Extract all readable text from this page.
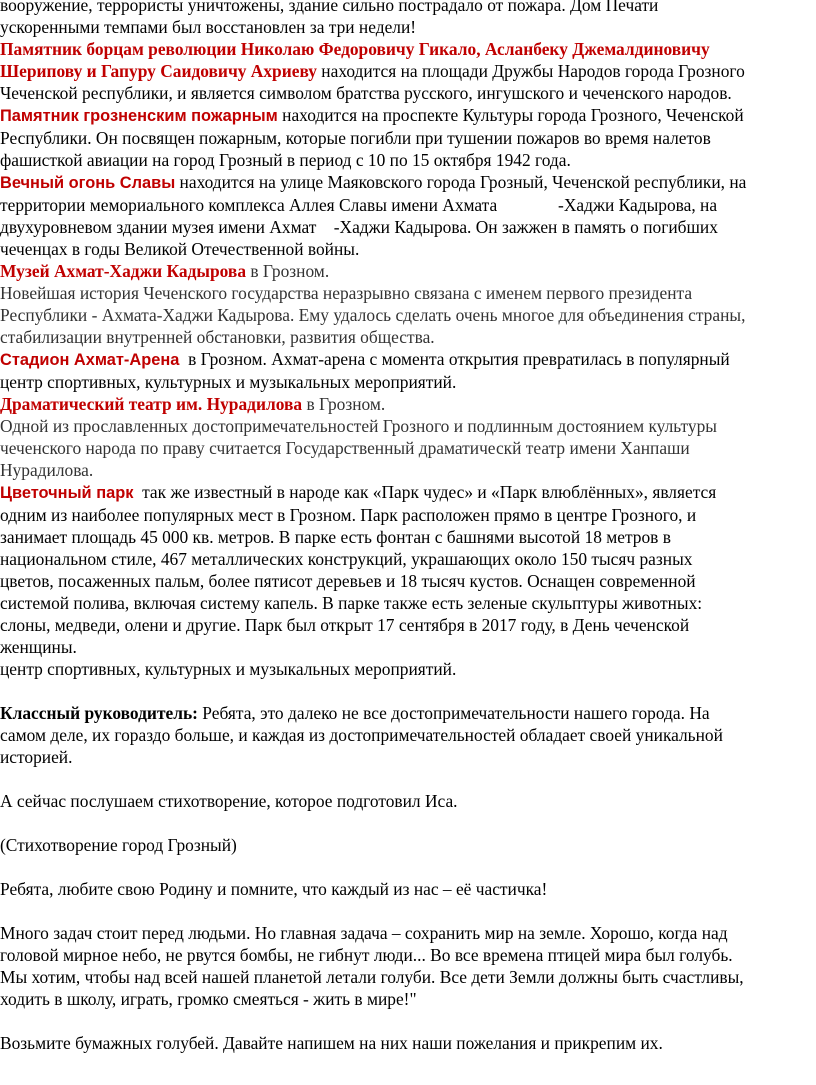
вооружение, террористы уничтожены, здание сильно пострадало от пожара. Дом Печати

ускоренными темпами был восстановлен за три недели!

Памятник борцам революции Николаю Федоровичу Гикало, Асланбеку Джемалдиновичу

Шерипову и Гапуру Саидовичу Ахриеву находится на площади Дружбы Народов города Грозного

Чеченской республики, и является символом братства русского, ингушского и чеченского народов.

Памятник грозненским пожарным находится на проспекте Культуры города Грозного, Чеченской

Республики. Он посвящен пожарным, которые погибли при тушении пожаров во время налетов

фашисткой авиации на город Грозный в период с 10 по 15 октября 1942 года.

Вечный огонь Славы находится на улице Маяковского города Грозный, Чеченской республики, на

территории мемориального комплекса Аллея Славы имени Ахмата              -Хаджи Кадырова, на

двухуровневом здании музея имени Ахмат    -Хаджи Кадырова. Он зажжен в память о погибших

чеченцах в годы Великой Отечественной войны.

Музей Ахмат-Хаджи Кадырова в Грозном.

Новейшая история Чеченского государства неразрывно связана с именем первого президента

Республики - Ахмата-Хаджи Кадырова. Ему удалось сделать очень многое для объединения страны,

стабилизации внутренней обстановки, развития общества.

Стадион Ахмат-Арена  в Грозном. Ахмат-арена с момента открытия превратилась в популярный

центр спортивных, культурных и музыкальных мероприятий.

Драматический театр им. Нурадилова в Грозном.

Одной из прославленных достопримечательностей Грозного и подлинным достоянием культуры

чеченского народа по праву считается Государственный драматическй театр имени Ханпаши

Нурадилова.

Цветочный парк  так же известный в народе как «Парк чудес» и «Парк влюблённых», является

одним из наиболее популярных мест в Грозном. Парк расположен прямо в центре Грозного, и

занимает площадь 45 000 кв. метров. В парке есть фонтан с башнями высотой 18 метров в

национальном стиле, 467 металлических конструкций, украшающих около 150 тысяч разных

цветов, посаженных пальм, более пятисот деревьев и 18 тысяч кустов. Оснащен современной

системой полива, включая систему капель. В парке также есть зеленые скульптуры животных:

слоны, медведи, олени и другие. Парк был открыт 17 сентября в 2017 году, в День чеченской

женщины.

центр спортивных, культурных и музыкальных мероприятий.

Классный руководитель: Ребята, это далеко не все достопримечательности нашего города. На

самом деле, их гораздо больше, и каждая из достопримечательностей обладает своей уникальной

историей.

А сейчас послушаем стихотворение, которое подготовил Иса.

(Стихотворение город Грозный)

Ребята, любите свою Родину и помните, что каждый из нас – её частичка!

Много задач стоит перед людьми. Но главная задача – сохранить мир на земле. Хорошо, когда над

головой мирное небо, не рвутся бомбы, не гибнут люди... Во все времена птицей мира был голубь.

Мы хотим, чтобы над всей нашей планетой летали голуби. Все дети Земли должны быть счастливы,

ходить в школу, играть, громко смеяться - жить в мире!"

Возьмите бумажных голубей. Давайте напишем на них наши пожелания и прикрепим их.
